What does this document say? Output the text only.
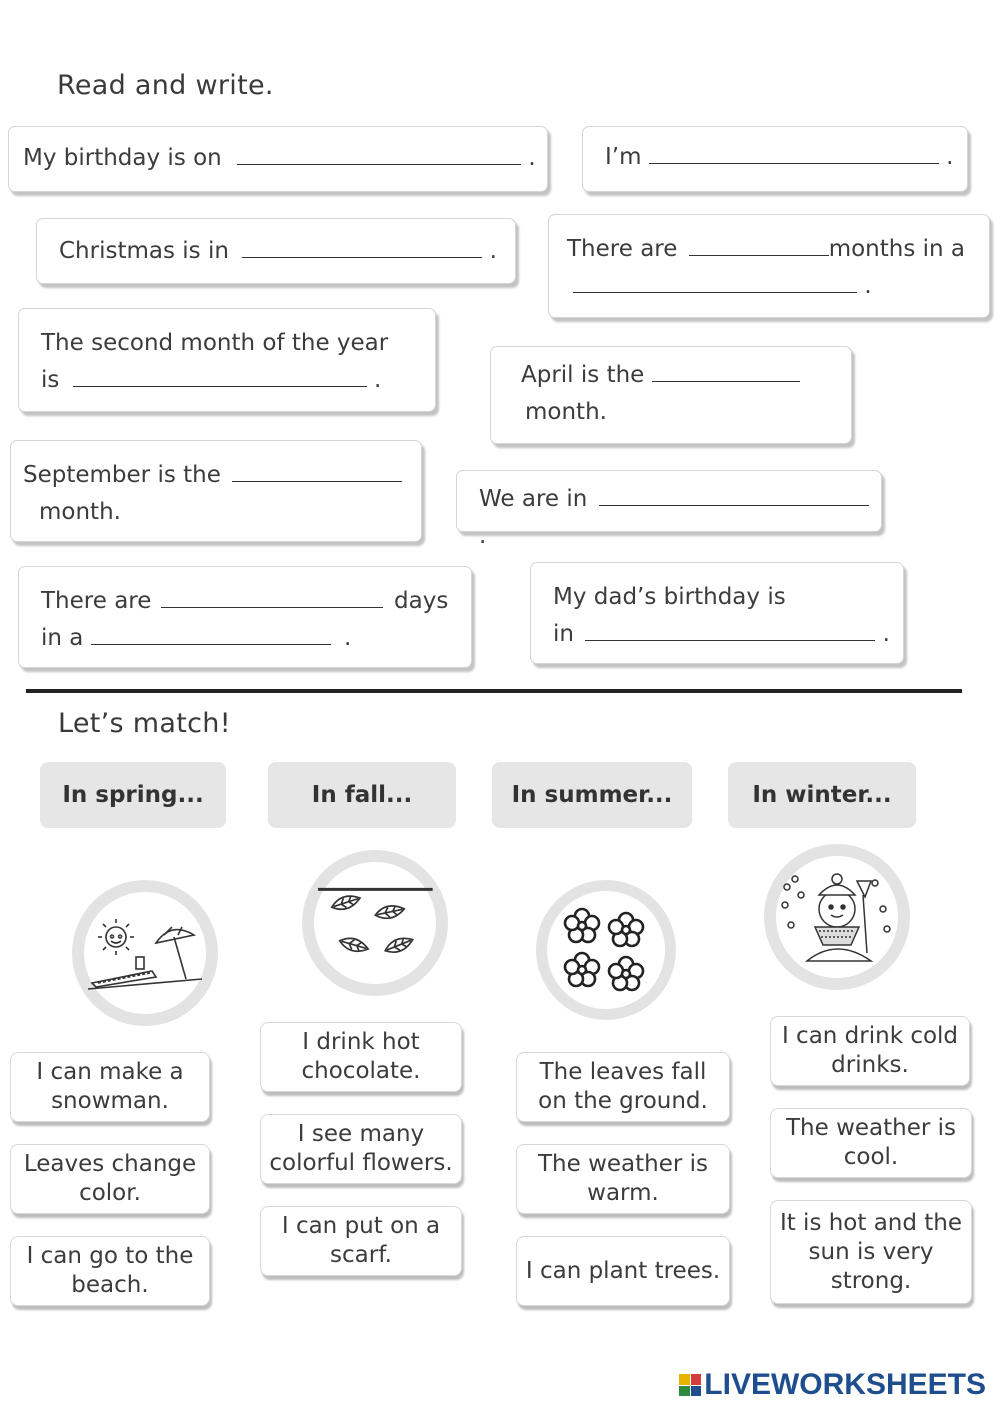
Read and write.
My birthday is on	.	I’m	.
Christmas is in	.	There are	months in a
.
The second month of the year
is	.	April is the
month.
September is the
month.	We are in  .
There are	days
in a	.
My dad’s birthday is
in	.
Let’s match!
In spring...	In fall...	In summer...	In winter...
I can make a snowman.
Leaves change color.
I can go to the beach.
I drink hot chocolate.
I see many colorful flowers.
I can put on a scarf.
The leaves fall on the ground.
The weather is warm.
I can plant trees.
I can drink cold drinks.
The weather is cool.
It is hot and the sun is very strong.
LIVEWORKSHEETS
